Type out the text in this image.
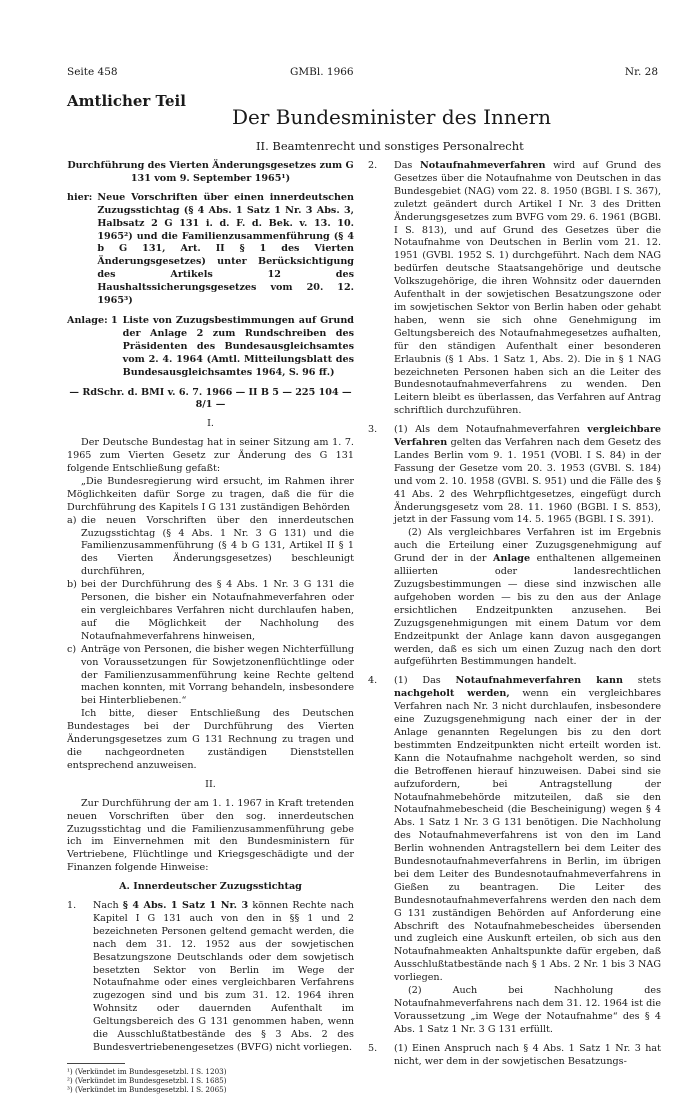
Seite 458	GMBl. 1966	Nr. 28
Amtlicher Teil
Der Bundesminister des Innern
II. Beamtenrecht und sonstiges Personalrecht

Durchführung des Vierten Änderungsgesetzes zum G 131 vom 9. September 1965¹)

hier: Neue Vorschriften über einen innerdeutschen Zuzugsstichtag (§ 4 Abs. 1 Satz 1 Nr. 3 Abs. 3, Halbsatz 2 G 131 i. d. F. d. Bek. v. 13. 10. 1965²) und die Familienzusammenführung (§ 4 b G 131, Art. II § 1 des Vierten Änderungsgesetzes) unter Berücksichtigung des Artikels 12 des Haushaltssicherungsgesetzes vom 20. 12. 1965³)
Anlage: 1 Liste von Zuzugsbestimmungen auf Grund der Anlage 2 zum Rundschreiben des Präsidenten des Bundesausgleichsamtes vom 2. 4. 1964 (Amtl. Mitteilungsblatt des Bundesausgleichsamtes 1964, S. 96 ff.)

— RdSchr. d. BMI v. 6. 7. 1966 — II B 5 — 225 104 — 8/1 —

I.

Der Deutsche Bundestag hat in seiner Sitzung am 1. 7. 1965 zum Vierten Gesetz zur Änderung des G 131 folgende Entschließung gefaßt:

„Die Bundesregierung wird ersucht, im Rahmen ihrer Möglichkeiten dafür Sorge zu tragen, daß die für die Durchführung des Kapitels I G 131 zuständigen Behörden

a) die neuen Vorschriften über den innerdeutschen Zuzugsstichtag (§ 4 Abs. 1 Nr. 3 G 131) und die Familienzusammenführung (§ 4 b G 131, Artikel II § 1 des Vierten Änderungsgesetzes) beschleunigt durchführen,
b) bei der Durchführung des § 4 Abs. 1 Nr. 3 G 131 die Personen, die bisher ein Notaufnahmeverfahren oder ein vergleichbares Verfahren nicht durchlaufen haben, auf die Möglichkeit der Nachholung des Notaufnahmeverfahrens hinweisen,
c) Anträge von Personen, die bisher wegen Nichterfüllung von Voraussetzungen für Sowjetzonenflüchtlinge oder der Familienzusammenführung keine Rechte geltend machen konnten, mit Vorrang behandeln, insbesondere bei Hinterbliebenen.“

Ich bitte, dieser Entschließung des Deutschen Bundestages bei der Durchführung des Vierten Änderungsgesetzes zum G 131 Rechnung zu tragen und die nachgeordneten zuständigen Dienststellen entsprechend anzuweisen.

II.

Zur Durchführung der am 1. 1. 1967 in Kraft tretenden neuen Vorschriften über den sog. innerdeutschen Zuzugsstichtag und die Familienzusammenführung gebe ich im Einvernehmen mit den Bundesministern für Vertriebene, Flüchtlinge und Kriegsgeschädigte und der Finanzen folgende Hinweise:

A. Innerdeutscher Zuzugsstichtag

1.	Nach § 4 Abs. 1 Satz 1 Nr. 3 können Rechte nach Kapitel I G 131 auch von den in §§ 1 und 2 bezeichneten Personen geltend gemacht werden, die nach dem 31. 12. 1952 aus der sowjetischen Besatzungszone Deutschlands oder dem sowjetisch besetzten Sektor von Berlin im Wege der Notaufnahme oder eines vergleichbaren Verfahrens zugezogen sind und bis zum 31. 12. 1964 ihren Wohnsitz oder dauernden Aufenthalt im Geltungsbereich des G 131 genommen haben, wenn die Ausschlußtatbestände des § 3 Abs. 2 des Bundesvertriebenengesetzes (BVFG) nicht vorliegen.

¹) (Verkündet im Bundesgesetzbl. I S. 1203)

²) (Verkündet im Bundesgesetzbl. I S. 1685)

³) (Verkündet im Bundesgesetzbl. I S. 2065)

2.	Das Notaufnahmeverfahren wird auf Grund des Gesetzes über die Notaufnahme von Deutschen in das Bundesgebiet (NAG) vom 22. 8. 1950 (BGBl. I S. 367), zuletzt geändert durch Artikel I Nr. 3 des Dritten Änderungsgesetzes zum BVFG vom 29. 6. 1961 (BGBl. I S. 813), und auf Grund des Gesetzes über die Notaufnahme von Deutschen in Berlin vom 21. 12. 1951 (GVBl. 1952 S. 1) durchgeführt. Nach dem NAG bedürfen deutsche Staatsangehörige und deutsche Volkszugehörige, die ihren Wohnsitz oder dauernden Aufenthalt in der sowjetischen Besatzungszone oder im sowjetischen Sektor von Berlin haben oder gehabt haben, wenn sie sich ohne Genehmigung im Geltungsbereich des Notaufnahmegesetzes aufhalten, für den ständigen Aufenthalt einer besonderen Erlaubnis (§ 1 Abs. 1 Satz 1, Abs. 2). Die in § 1 NAG bezeichneten Personen haben sich an die Leiter des Bundesnotaufnahmeverfahrens zu wenden. Den Leitern bleibt es überlassen, das Verfahren auf Antrag schriftlich durchzuführen.
3.	(1) Als dem Notaufnahmeverfahren vergleichbare Verfahren gelten das Verfahren nach dem Gesetz des Landes Berlin vom 9. 1. 1951 (VOBl. I S. 84) in der Fassung der Gesetze vom 20. 3. 1953 (GVBl. S. 184) und vom 2. 10. 1958 (GVBl. S. 951) und die Fälle des § 41 Abs. 2 des Wehrpflichtgesetzes, eingefügt durch Änderungsgesetz vom 28. 11. 1960 (BGBl. I S. 853), jetzt in der Fassung vom 14. 5. 1965 (BGBl. I S. 391).

(2) Als vergleichbares Verfahren ist im Ergebnis auch die Erteilung einer Zuzugsgenehmigung auf Grund der in der Anlage enthaltenen allgemeinen alliierten oder landesrechtlichen Zuzugsbestimmungen — diese sind inzwischen alle aufgehoben worden — bis zu den aus der Anlage ersichtlichen Endzeitpunkten anzusehen. Bei Zuzugsgenehmigungen mit einem Datum vor dem Endzeitpunkt der Anlage kann davon ausgegangen werden, daß es sich um einen Zuzug nach den dort aufgeführten Bestimmungen handelt.

4.	(1) Das Notaufnahmeverfahren kann stets nachgeholt werden, wenn ein vergleichbares Verfahren nach Nr. 3 nicht durchlaufen, insbesondere eine Zuzugsgenehmigung nach einer der in der Anlage genannten Regelungen bis zu den dort bestimmten Endzeitpunkten nicht erteilt worden ist. Kann die Notaufnahme nachgeholt werden, so sind die Betroffenen hierauf hinzuweisen. Dabei sind sie aufzufordern, bei Antragstellung der Notaufnahmebehörde mitzuteilen, daß sie den Notaufnahmebescheid (die Bescheinigung) wegen § 4 Abs. 1 Satz 1 Nr. 3 G 131 benötigen. Die Nachholung des Notaufnahmeverfahrens ist von den im Land Berlin wohnenden Antragstellern bei dem Leiter des Bundesnotaufnahmeverfahrens in Berlin, im übrigen bei dem Leiter des Bundesnotaufnahmeverfahrens in Gießen zu beantragen. Die Leiter des Bundesnotaufnahmeverfahrens werden den nach dem G 131 zuständigen Behörden auf Anforderung eine Abschrift des Notaufnahmebescheides übersenden und zugleich eine Auskunft erteilen, ob sich aus den Notaufnahmeakten Anhaltspunkte dafür ergeben, daß Ausschlußtatbestände nach § 1 Abs. 2 Nr. 1 bis 3 NAG vorliegen.

(2) Auch bei Nachholung des Notaufnahmeverfahrens nach dem 31. 12. 1964 ist die Voraussetzung „im Wege der Notaufnahme“ des § 4 Abs. 1 Satz 1 Nr. 3 G 131 erfüllt.

5.	(1) Einen Anspruch nach § 4 Abs. 1 Satz 1 Nr. 3 hat nicht, wer dem in der sowjetischen Besatzungs-
